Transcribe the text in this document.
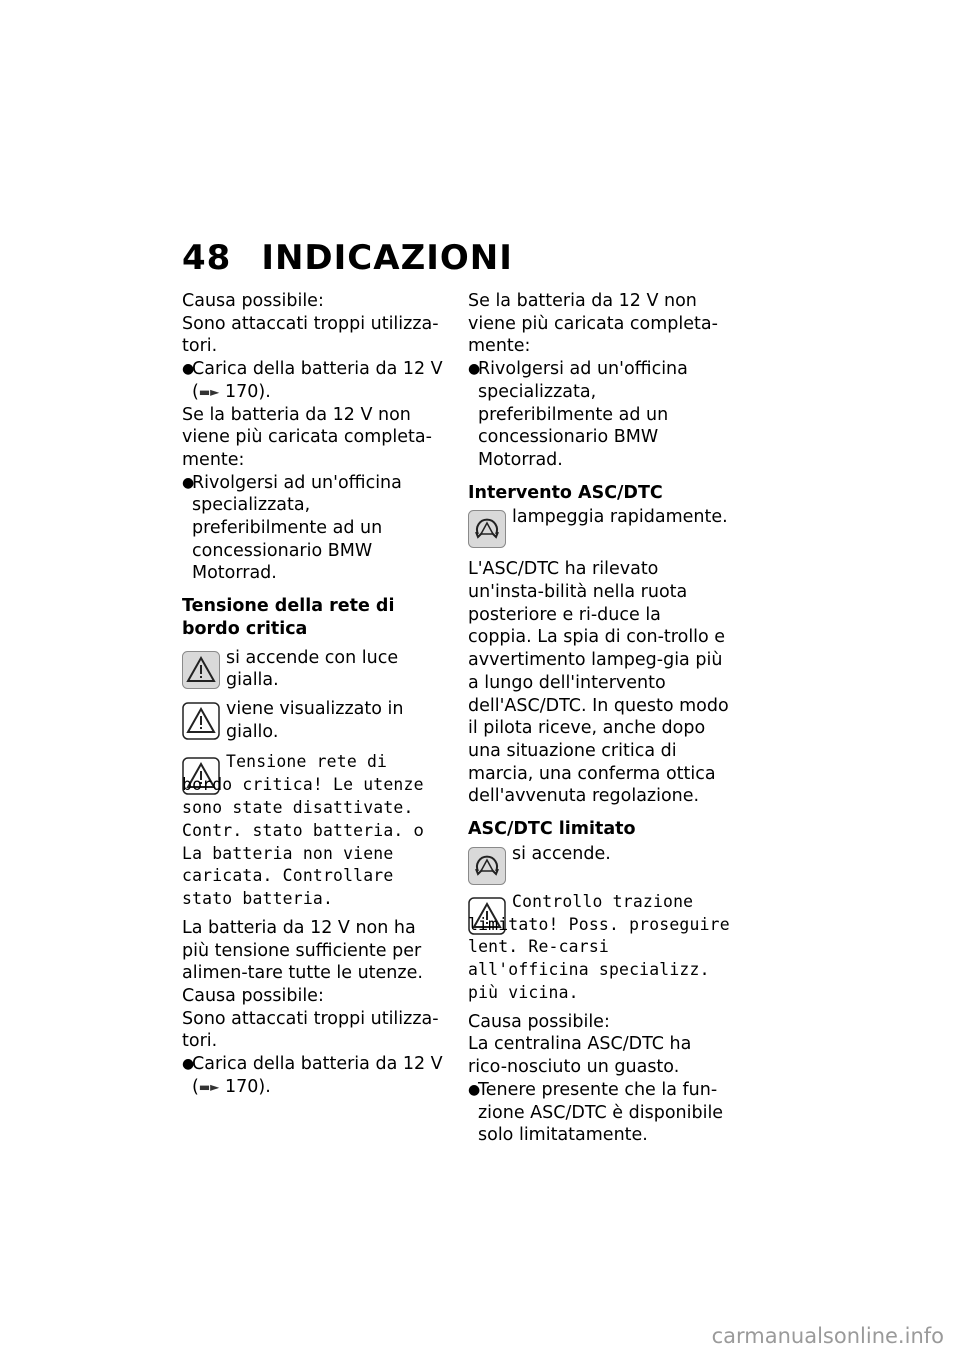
48 INDICAZIONI

Causa possibile:

Sono attaccati troppi utilizza-tori.

●
Carica della batteria da 12 V
(▬► 170).

Se la batteria da 12 V non viene più caricata completa-mente:

●
Rivolgersi ad un'officina specializzata, preferibilmente ad un concessionario BMW Motorrad.

Tensione della rete di bordo critica

si accende con luce gialla.
viene visualizzato in giallo.
Tensione rete di bordo critica! Le utenze sono state disattivate. Contr. stato batteria. o La batteria non viene caricata. Controllare stato batteria.

La batteria da 12 V non ha più tensione sufficiente per alimen-tare tutte le utenze.

Causa possibile:

Sono attaccati troppi utilizza-tori.

●
Carica della batteria da 12 V
(▬► 170).

Se la batteria da 12 V non viene più caricata completa-mente:

●
Rivolgersi ad un'officina specializzata, preferibilmente ad un concessionario BMW Motorrad.

Intervento ASC/DTC

lampeggia rapidamente.

L'ASC/DTC ha rilevato un'insta-bilità nella ruota posteriore e ri-duce la coppia. La spia di con-trollo e avvertimento lampeg-gia più a lungo dell'intervento dell'ASC/DTC. In questo modo il pilota riceve, anche dopo una situazione critica di marcia, una conferma ottica dell'avvenuta regolazione.

ASC/DTC limitato

si accende.
Controllo trazione limitato! Poss. proseguire lent. Re-carsi all'officina specializz. più vicina.

Causa possibile:

La centralina ASC/DTC ha rico-nosciuto un guasto.

●
Tenere presente che la fun-zione ASC/DTC è disponibile solo limitatamente.
carmanualsonline.info
